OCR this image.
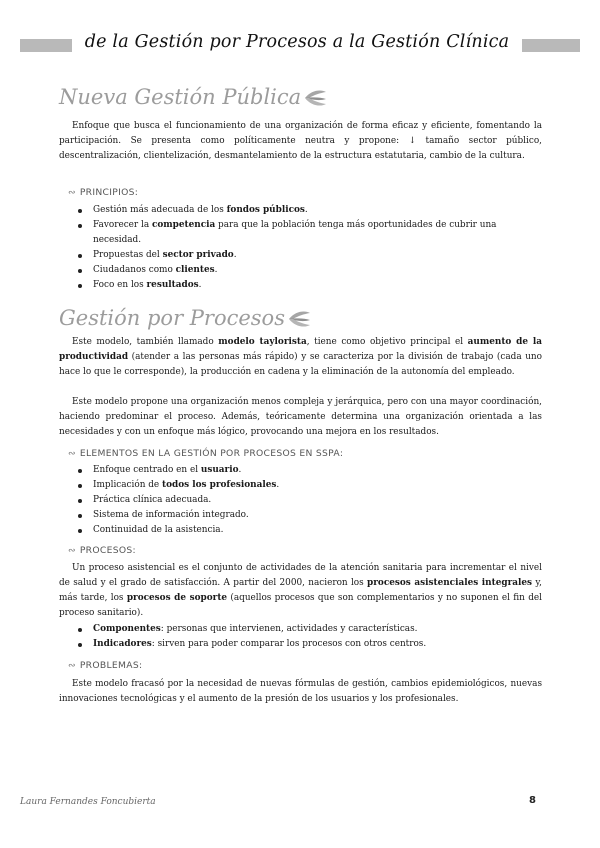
de la Gestión por Procesos a la Gestión Clínica
Nueva Gestión Pública

Enfoque que busca el funcionamiento de una organización de forma eficaz y eficiente, fomentando la participación. Se presenta como políticamente neutra y propone: ↓ tamaño sector público, descentralización, clientelización, desmantelamiento de la estructura estatutaria, cambio de la cultura.

∾ PRINCIPIOS:
Gestión más adecuada de los fondos públicos.
Favorecer la competencia para que la población tenga más oportunidades de cubrir una necesidad.
Propuestas del sector privado.
Ciudadanos como clientes.
Foco en los resultados.
Gestión por Procesos

Este modelo, también llamado modelo taylorista, tiene como objetivo principal el aumento de la productividad (atender a las personas más rápido) y se caracteriza por la división de trabajo (cada uno hace lo que le corresponde), la producción en cadena y la eliminación de la autonomía del empleado.

Este modelo propone una organización menos compleja y jerárquica, pero con una mayor coordinación, haciendo predominar el proceso. Además, teóricamente determina una organización orientada a las necesidades y con un enfoque más lógico, provocando una mejora en los resultados.

∾ ELEMENTOS EN LA GESTIÓN POR PROCESOS EN SSPA:
Enfoque centrado en el usuario.
Implicación de todos los profesionales.
Práctica clínica adecuada.
Sistema de información integrado.
Continuidad de la asistencia.
∾ PROCESOS:

Un proceso asistencial es el conjunto de actividades de la atención sanitaria para incrementar el nivel de salud y el grado de satisfacción. A partir del 2000, nacieron los procesos asistenciales integrales y, más tarde, los procesos de soporte (aquellos procesos que son complementarios y no suponen el fin del proceso sanitario).

Componentes: personas que intervienen, actividades y características.
Indicadores: sirven para poder comparar los procesos con otros centros.
∾ PROBLEMAS:

Este modelo fracasó por la necesidad de nuevas fórmulas de gestión, cambios epidemiológicos, nuevas innovaciones tecnológicas y el aumento de la presión de los usuarios y los profesionales.

Laura Fernandes Foncubierta	8
